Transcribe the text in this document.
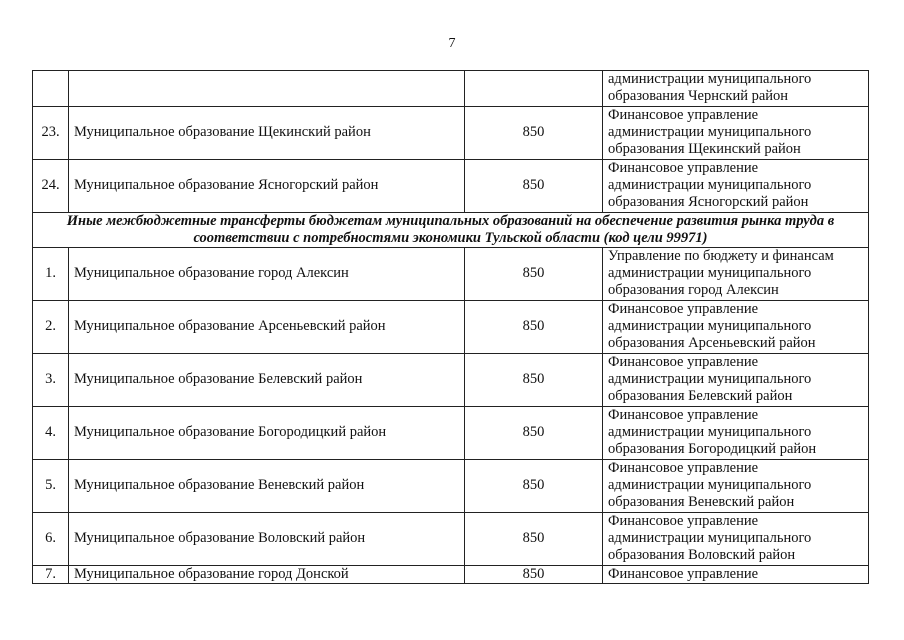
7

			администрации муниципального
образования Чернский район

23.	Муниципальное образование Щекинский район	850	Финансовое управление
администрации муниципального
образования Щекинский район

24.	Муниципальное образование Ясногорский район	850	Финансовое управление
администрации муниципального
образования Ясногорский район

Иные межбюджетные трансферты бюджетам муниципальных образований на обеспечение развития рынка труда в соответствии с потребностями экономики Тульской области (код цели 99971)			
1.	Муниципальное образование город Алексин	850	Управление по бюджету и финансам
администрации муниципального
образования город Алексин

2.	Муниципальное образование Арсеньевский район	850	Финансовое управление
администрации муниципального
образования Арсеньевский район

3.	Муниципальное образование Белевский район	850	Финансовое управление
администрации муниципального
образования Белевский район

4.	Муниципальное образование Богородицкий район	850	Финансовое управление
администрации муниципального
образования Богородицкий район

5.	Муниципальное образование Веневский район	850	Финансовое управление
администрации муниципального
образования Веневский район

6.	Муниципальное образование Воловский район	850	Финансовое управление
администрации муниципального
образования Воловский район

7.	Муниципальное образование город Донской	850	Финансовое управление
